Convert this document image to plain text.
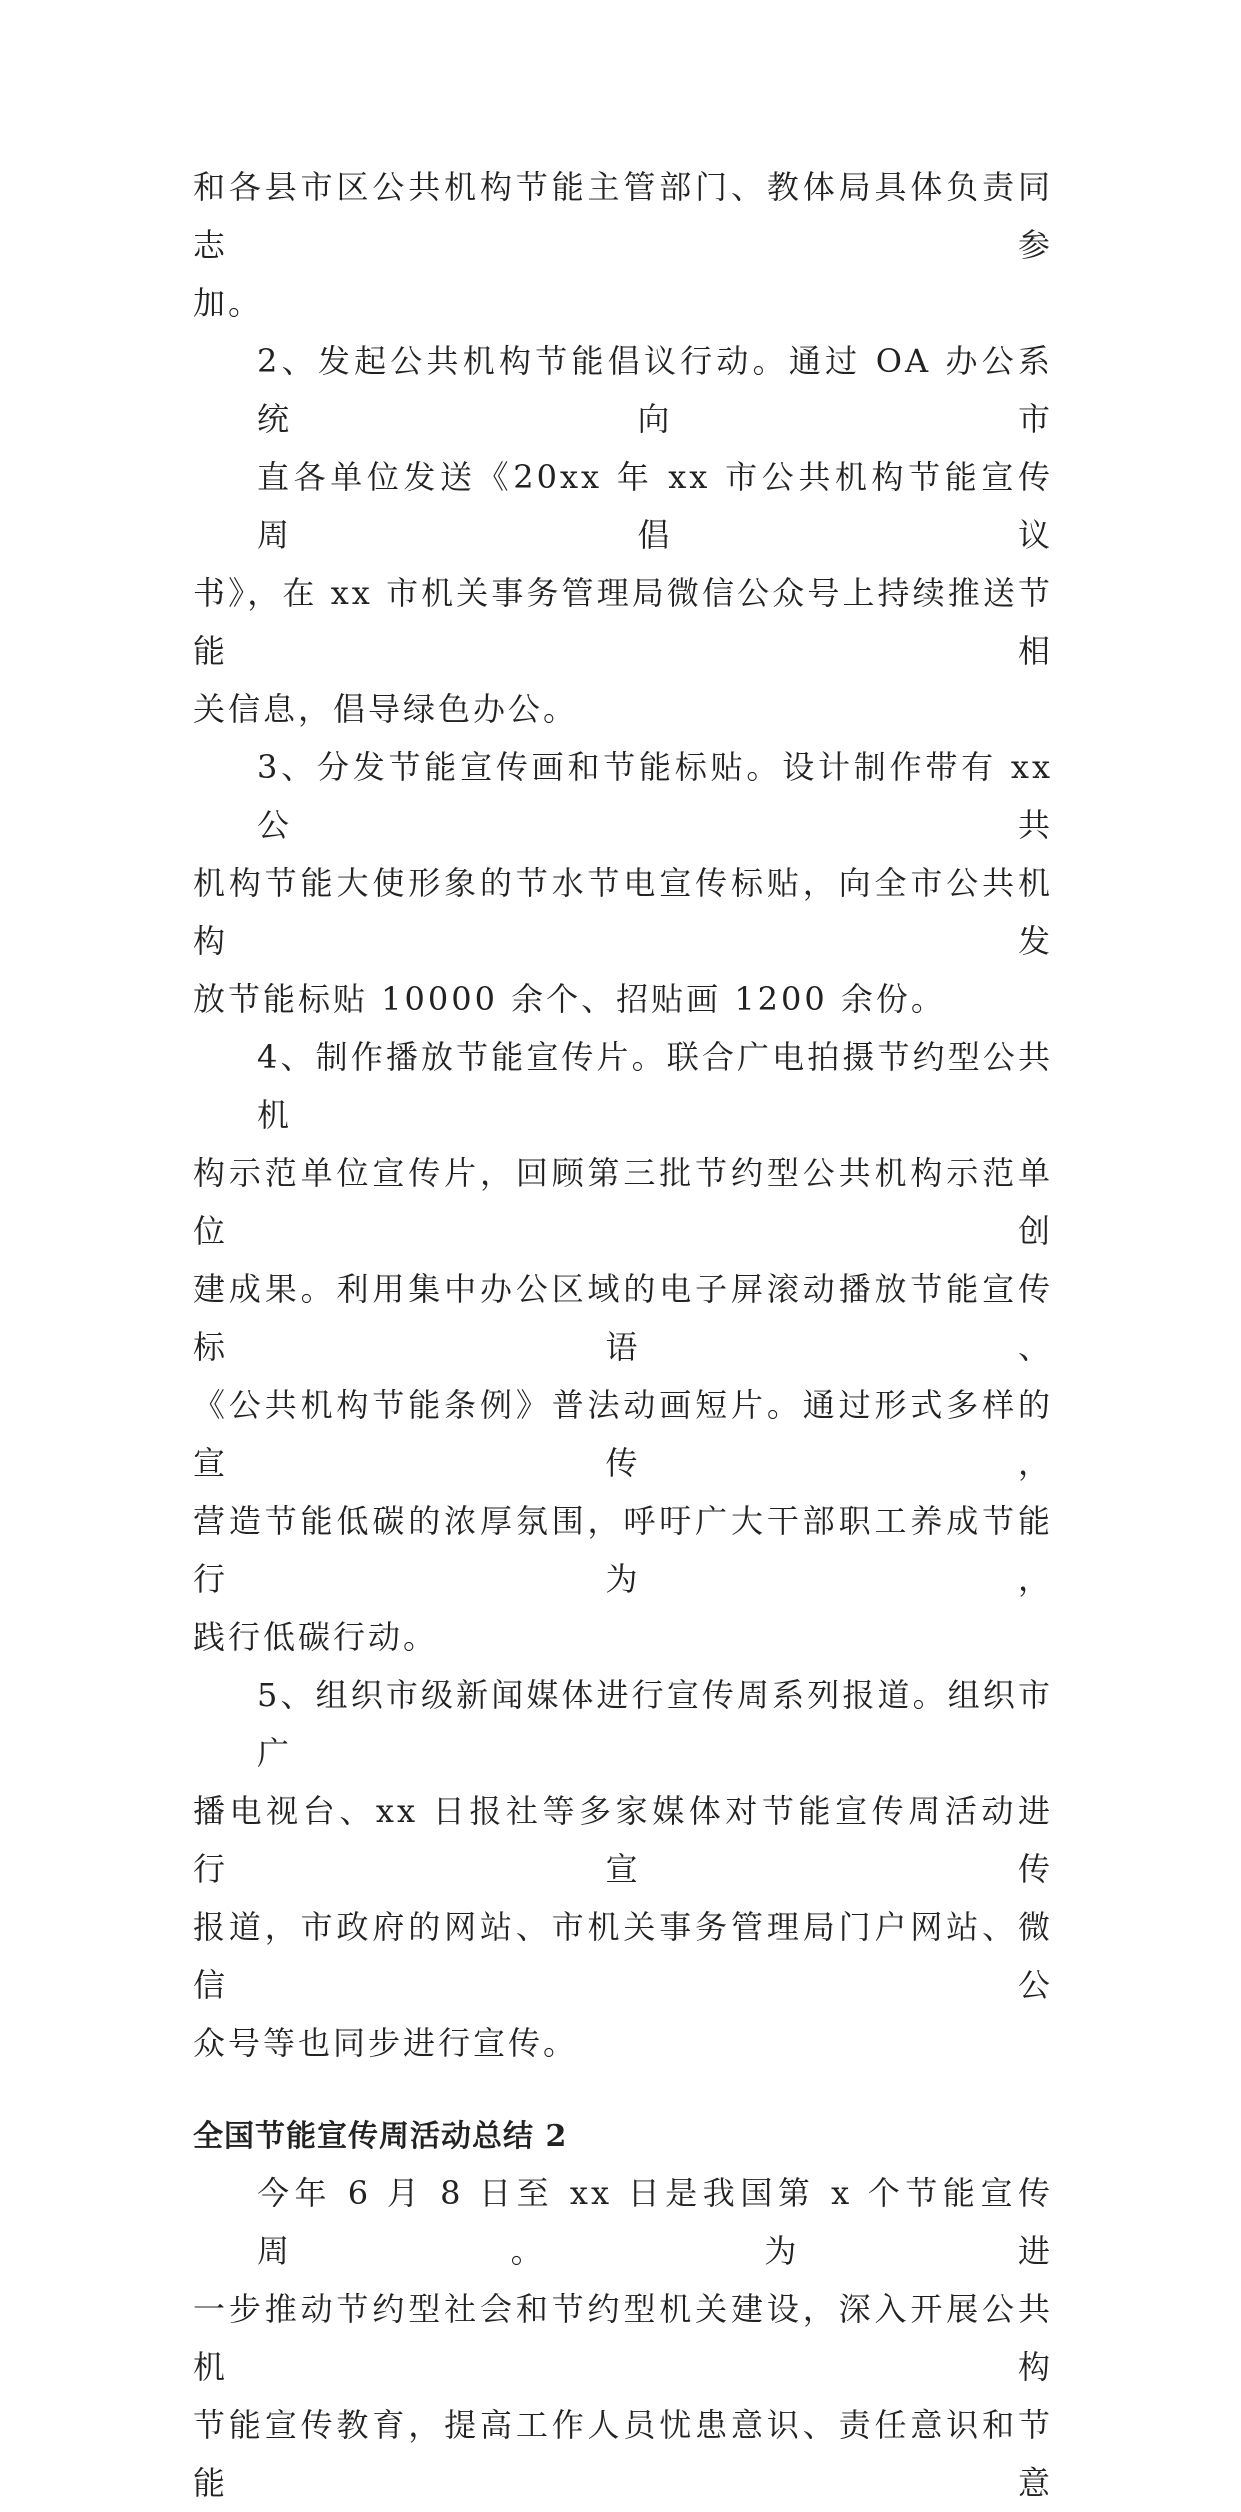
和各县市区公共机构节能主管部门、教体局具体负责同志参
加。

2、发起公共机构节能倡议行动。通过 OA 办公系统向市
直各单位发送《20xx 年 xx 市公共机构节能宣传周倡议
书》，在 xx 市机关事务管理局微信公众号上持续推送节能相
关信息，倡导绿色办公。

3、分发节能宣传画和节能标贴。设计制作带有 xx 公共
机构节能大使形象的节水节电宣传标贴，向全市公共机构发
放节能标贴 10000 余个、招贴画 1200 余份。

4、制作播放节能宣传片。联合广电拍摄节约型公共机
构示范单位宣传片，回顾第三批节约型公共机构示范单位创
建成果。利用集中办公区域的电子屏滚动播放节能宣传标语、
《公共机构节能条例》普法动画短片。通过形式多样的宣传，
营造节能低碳的浓厚氛围，呼吁广大干部职工养成节能行为，
践行低碳行动。

5、组织市级新闻媒体进行宣传周系列报道。组织市广
播电视台、xx 日报社等多家媒体对节能宣传周活动进行宣传
报道，市政府的网站、市机关事务管理局门户网站、微信公
众号等也同步进行宣传。

全国节能宣传周活动总结 2

今年 6 月 8 日至 xx 日是我国第 x 个节能宣传周。为进
一步推动节约型社会和节约型机关建设，深入开展公共机构
节能宣传教育，提高工作人员忧患意识、责任意识和节能意
